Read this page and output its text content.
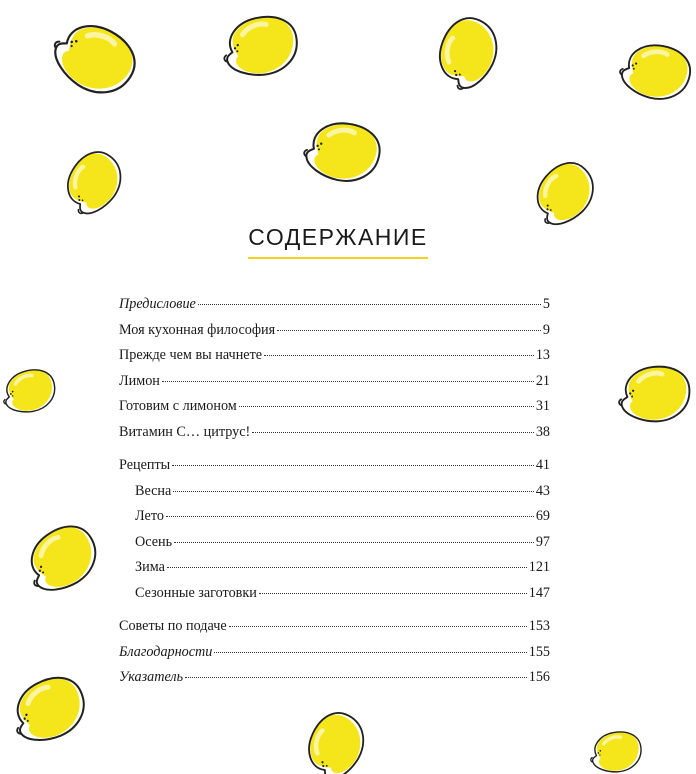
СОДЕРЖАНИЕ
Предисловие	5
Моя кухонная философия	9
Прежде чем вы начнете	13
Лимон	21
Готовим с лимоном	31
Витамин C… цитрус!	38
Рецепты	41
Весна	43
Лето	69
Осень	97
Зима	121
Сезонные заготовки	147
Советы по подаче	153
Благодарности	155
Указатель	156
